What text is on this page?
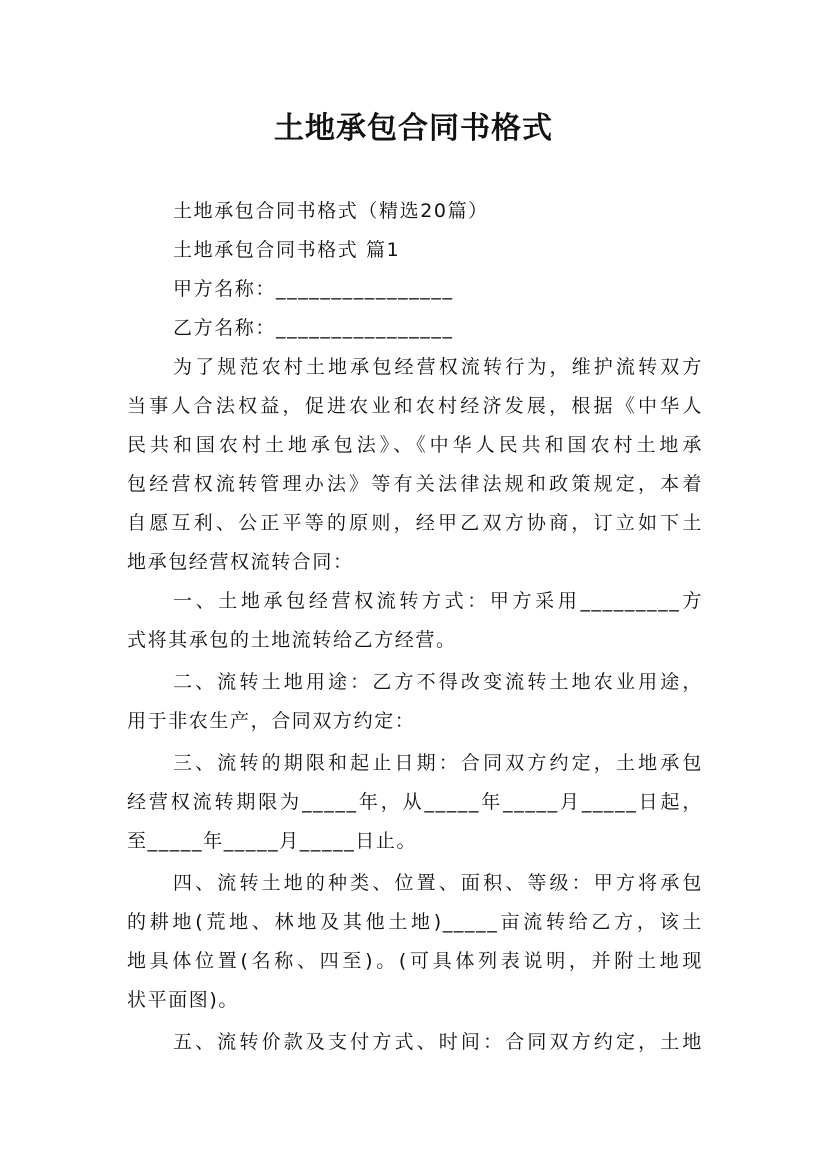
土地承包合同书格式
土地承包合同书格式（精选20篇）
土地承包合同书格式 篇1
甲方名称：________________
乙方名称：________________
为了规范农村土地承包经营权流转行为，维护流转双方
当事人合法权益，促进农业和农村经济发展，根据《中华人
民共和国农村土地承包法》、《中华人民共和国农村土地承
包经营权流转管理办法》等有关法律法规和政策规定，本着
自愿互利、公正平等的原则，经甲乙双方协商，订立如下土
地承包经营权流转合同：
一、土地承包经营权流转方式：甲方采用_________方
式将其承包的土地流转给乙方经营。
二、流转土地用途：乙方不得改变流转土地农业用途，
用于非农生产，合同双方约定：
三、流转的期限和起止日期：合同双方约定，土地承包
经营权流转期限为_____年，从_____年_____月_____日起，
至_____年_____月_____日止。
四、流转土地的种类、位置、面积、等级：甲方将承包
的耕地(荒地、林地及其他土地)_____亩流转给乙方，该土
地具体位置(名称、四至)。(可具体列表说明，并附土地现
状平面图)。
五、流转价款及支付方式、时间：合同双方约定，土地
